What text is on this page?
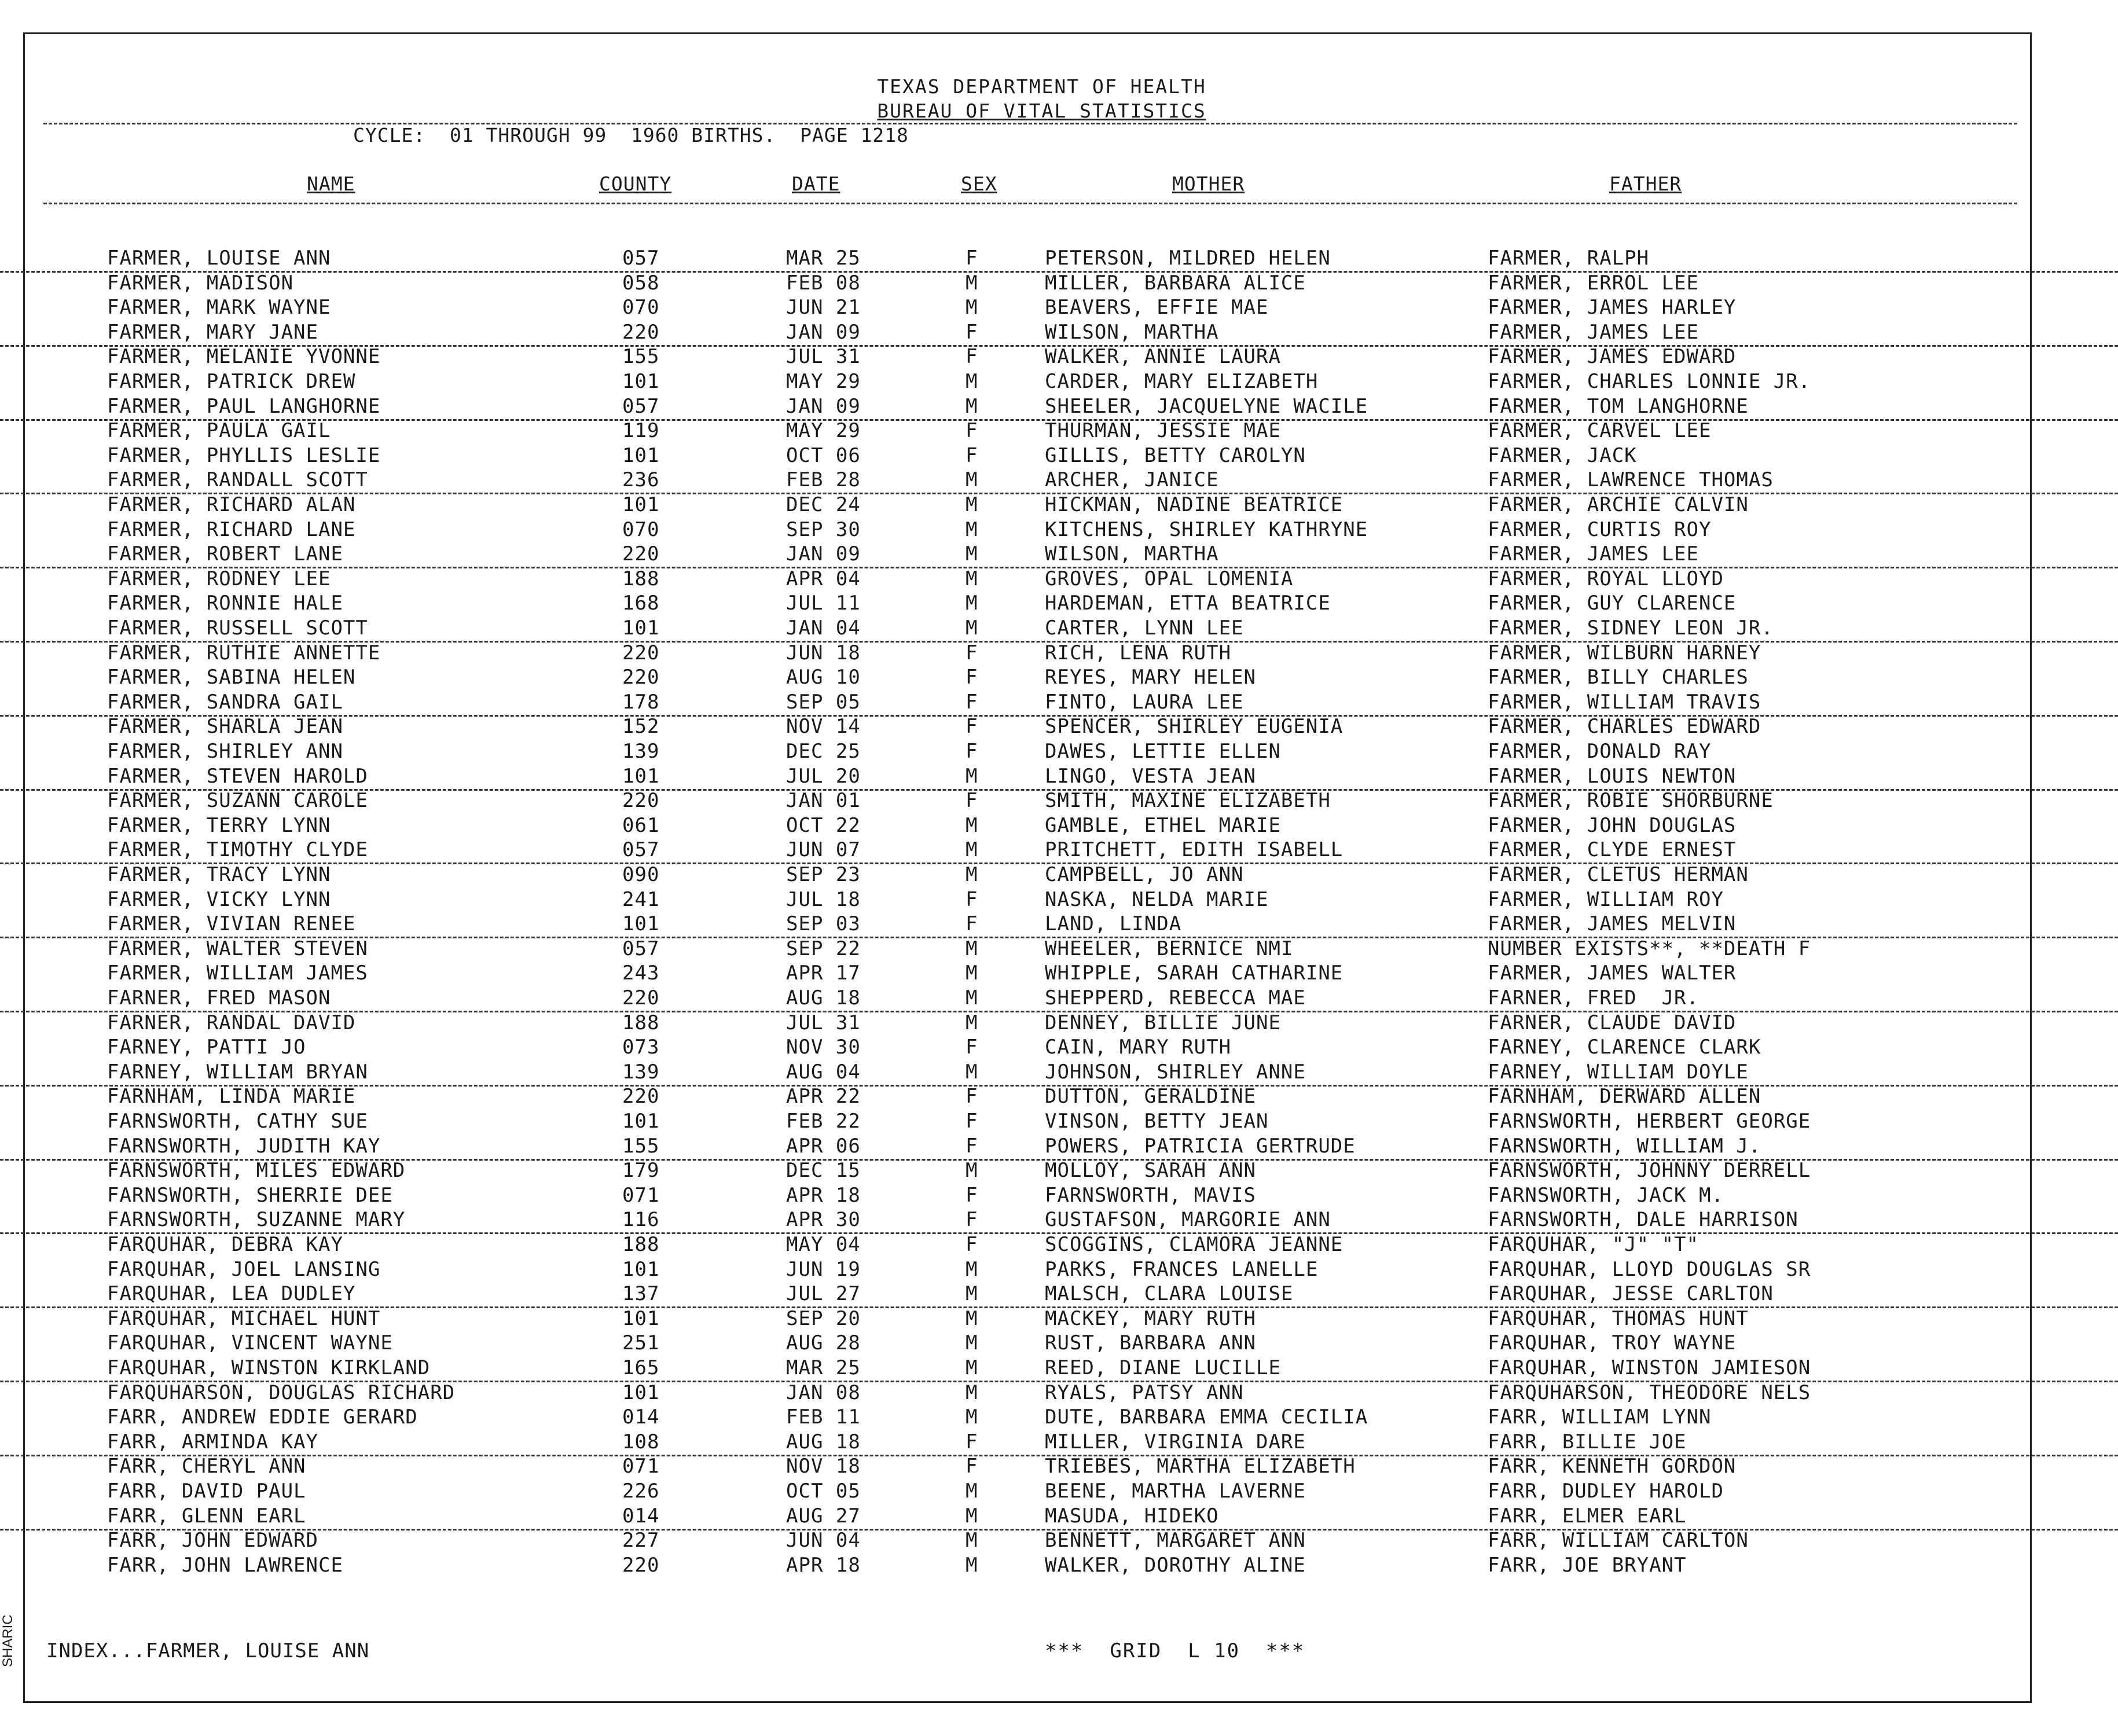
TEXAS DEPARTMENT OF HEALTH
BUREAU OF VITAL STATISTICS
CYCLE:  01 THROUGH 99  1960 BIRTHS.  PAGE 1218
NAME	COUNTY	DATE	SEX	MOTHER	FATHER
FARMER, LOUISE ANN	057	MAR 25	F	PETERSON, MILDRED HELEN	FARMER, RALPH
FARMER, MADISON	058	FEB 08	M	MILLER, BARBARA ALICE	FARMER, ERROL LEE
FARMER, MARK WAYNE	070	JUN 21	M	BEAVERS, EFFIE MAE	FARMER, JAMES HARLEY
FARMER, MARY JANE	220	JAN 09	F	WILSON, MARTHA	FARMER, JAMES LEE
FARMER, MELANIE YVONNE	155	JUL 31	F	WALKER, ANNIE LAURA	FARMER, JAMES EDWARD
FARMER, PATRICK DREW	101	MAY 29	M	CARDER, MARY ELIZABETH	FARMER, CHARLES LONNIE JR.
FARMER, PAUL LANGHORNE	057	JAN 09	M	SHEELER, JACQUELYNE WACILE	FARMER, TOM LANGHORNE
FARMER, PAULA GAIL	119	MAY 29	F	THURMAN, JESSIE MAE	FARMER, CARVEL LEE
FARMER, PHYLLIS LESLIE	101	OCT 06	F	GILLIS, BETTY CAROLYN	FARMER, JACK
FARMER, RANDALL SCOTT	236	FEB 28	M	ARCHER, JANICE	FARMER, LAWRENCE THOMAS
FARMER, RICHARD ALAN	101	DEC 24	M	HICKMAN, NADINE BEATRICE	FARMER, ARCHIE CALVIN
FARMER, RICHARD LANE	070	SEP 30	M	KITCHENS, SHIRLEY KATHRYNE	FARMER, CURTIS ROY
FARMER, ROBERT LANE	220	JAN 09	M	WILSON, MARTHA	FARMER, JAMES LEE
FARMER, RODNEY LEE	188	APR 04	M	GROVES, OPAL LOMENIA	FARMER, ROYAL LLOYD
FARMER, RONNIE HALE	168	JUL 11	M	HARDEMAN, ETTA BEATRICE	FARMER, GUY CLARENCE
FARMER, RUSSELL SCOTT	101	JAN 04	M	CARTER, LYNN LEE	FARMER, SIDNEY LEON JR.
FARMER, RUTHIE ANNETTE	220	JUN 18	F	RICH, LENA RUTH	FARMER, WILBURN HARNEY
FARMER, SABINA HELEN	220	AUG 10	F	REYES, MARY HELEN	FARMER, BILLY CHARLES
FARMER, SANDRA GAIL	178	SEP 05	F	FINTO, LAURA LEE	FARMER, WILLIAM TRAVIS
FARMER, SHARLA JEAN	152	NOV 14	F	SPENCER, SHIRLEY EUGENIA	FARMER, CHARLES EDWARD
FARMER, SHIRLEY ANN	139	DEC 25	F	DAWES, LETTIE ELLEN	FARMER, DONALD RAY
FARMER, STEVEN HAROLD	101	JUL 20	M	LINGO, VESTA JEAN	FARMER, LOUIS NEWTON
FARMER, SUZANN CAROLE	220	JAN 01	F	SMITH, MAXINE ELIZABETH	FARMER, ROBIE SHORBURNE
FARMER, TERRY LYNN	061	OCT 22	M	GAMBLE, ETHEL MARIE	FARMER, JOHN DOUGLAS
FARMER, TIMOTHY CLYDE	057	JUN 07	M	PRITCHETT, EDITH ISABELL	FARMER, CLYDE ERNEST
FARMER, TRACY LYNN	090	SEP 23	M	CAMPBELL, JO ANN	FARMER, CLETUS HERMAN
FARMER, VICKY LYNN	241	JUL 18	F	NASKA, NELDA MARIE	FARMER, WILLIAM ROY
FARMER, VIVIAN RENEE	101	SEP 03	F	LAND, LINDA	FARMER, JAMES MELVIN
FARMER, WALTER STEVEN	057	SEP 22	M	WHEELER, BERNICE NMI	NUMBER EXISTS**, **DEATH F
FARMER, WILLIAM JAMES	243	APR 17	M	WHIPPLE, SARAH CATHARINE	FARMER, JAMES WALTER
FARNER, FRED MASON	220	AUG 18	M	SHEPPERD, REBECCA MAE	FARNER, FRED  JR.
FARNER, RANDAL DAVID	188	JUL 31	M	DENNEY, BILLIE JUNE	FARNER, CLAUDE DAVID
FARNEY, PATTI JO	073	NOV 30	F	CAIN, MARY RUTH	FARNEY, CLARENCE CLARK
FARNEY, WILLIAM BRYAN	139	AUG 04	M	JOHNSON, SHIRLEY ANNE	FARNEY, WILLIAM DOYLE
FARNHAM, LINDA MARIE	220	APR 22	F	DUTTON, GERALDINE	FARNHAM, DERWARD ALLEN
FARNSWORTH, CATHY SUE	101	FEB 22	F	VINSON, BETTY JEAN	FARNSWORTH, HERBERT GEORGE
FARNSWORTH, JUDITH KAY	155	APR 06	F	POWERS, PATRICIA GERTRUDE	FARNSWORTH, WILLIAM J.
FARNSWORTH, MILES EDWARD	179	DEC 15	M	MOLLOY, SARAH ANN	FARNSWORTH, JOHNNY DERRELL
FARNSWORTH, SHERRIE DEE	071	APR 18	F	FARNSWORTH, MAVIS	FARNSWORTH, JACK M.
FARNSWORTH, SUZANNE MARY	116	APR 30	F	GUSTAFSON, MARGORIE ANN	FARNSWORTH, DALE HARRISON
FARQUHAR, DEBRA KAY	188	MAY 04	F	SCOGGINS, CLAMORA JEANNE	FARQUHAR, "J" "T"
FARQUHAR, JOEL LANSING	101	JUN 19	M	PARKS, FRANCES LANELLE	FARQUHAR, LLOYD DOUGLAS SR
FARQUHAR, LEA DUDLEY	137	JUL 27	M	MALSCH, CLARA LOUISE	FARQUHAR, JESSE CARLTON
FARQUHAR, MICHAEL HUNT	101	SEP 20	M	MACKEY, MARY RUTH	FARQUHAR, THOMAS HUNT
FARQUHAR, VINCENT WAYNE	251	AUG 28	M	RUST, BARBARA ANN	FARQUHAR, TROY WAYNE
FARQUHAR, WINSTON KIRKLAND	165	MAR 25	M	REED, DIANE LUCILLE	FARQUHAR, WINSTON JAMIESON
FARQUHARSON, DOUGLAS RICHARD	101	JAN 08	M	RYALS, PATSY ANN	FARQUHARSON, THEODORE NELS
FARR, ANDREW EDDIE GERARD	014	FEB 11	M	DUTE, BARBARA EMMA CECILIA	FARR, WILLIAM LYNN
FARR, ARMINDA KAY	108	AUG 18	F	MILLER, VIRGINIA DARE	FARR, BILLIE JOE
FARR, CHERYL ANN	071	NOV 18	F	TRIEBES, MARTHA ELIZABETH	FARR, KENNETH GORDON
FARR, DAVID PAUL	226	OCT 05	M	BEENE, MARTHA LAVERNE	FARR, DUDLEY HAROLD
FARR, GLENN EARL	014	AUG 27	M	MASUDA, HIDEKO	FARR, ELMER EARL
FARR, JOHN EDWARD	227	JUN 04	M	BENNETT, MARGARET ANN	FARR, WILLIAM CARLTON
FARR, JOHN LAWRENCE	220	APR 18	M	WALKER, DOROTHY ALINE	FARR, JOE BRYANT
INDEX...FARMER, LOUISE ANN	***  GRID  L 10  ***
SHARIC
